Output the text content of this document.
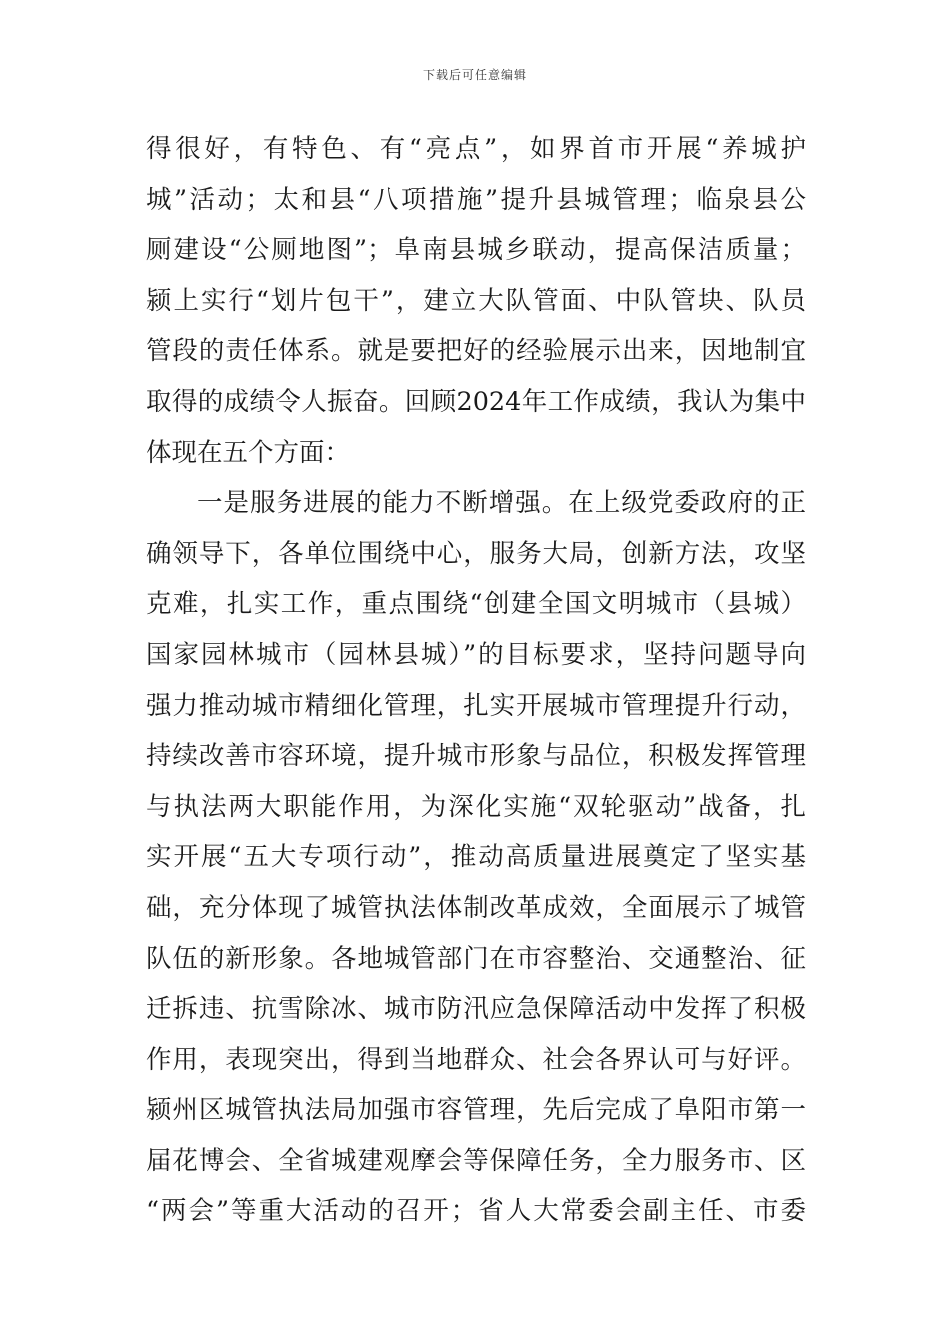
下载后可任意编辑
得很好，有特色、有“亮点”，如界首市开展“养城护
城”活动；太和县“八项措施”提升县城管理；临泉县公
厕建设“公厕地图”；阜南县城乡联动，提高保洁质量；
颍上实行“划片包干”，建立大队管面、中队管块、队员
管段的责任体系。就是要把好的经验展示出来，因地制宜
取得的成绩令人振奋。回顾2024年工作成绩，我认为集中
体现在五个方面：
一是服务进展的能力不断增强。在上级党委政府的正
确领导下，各单位围绕中心，服务大局，创新方法，攻坚
克难，扎实工作，重点围绕“创建全国文明城市（县城）
国家园林城市（园林县城）”的目标要求，坚持问题导向
强力推动城市精细化管理，扎实开展城市管理提升行动，
持续改善市容环境，提升城市形象与品位，积极发挥管理
与执法两大职能作用，为深化实施“双轮驱动”战备，扎
实开展“五大专项行动”，推动高质量进展奠定了坚实基
础，充分体现了城管执法体制改革成效，全面展示了城管
队伍的新形象。各地城管部门在市容整治、交通整治、征
迁拆违、抗雪除冰、城市防汛应急保障活动中发挥了积极
作用，表现突出，得到当地群众、社会各界认可与好评。
颍州区城管执法局加强市容管理，先后完成了阜阳市第一
届花博会、全省城建观摩会等保障任务，全力服务市、区
“两会”等重大活动的召开；省人大常委会副主任、市委
